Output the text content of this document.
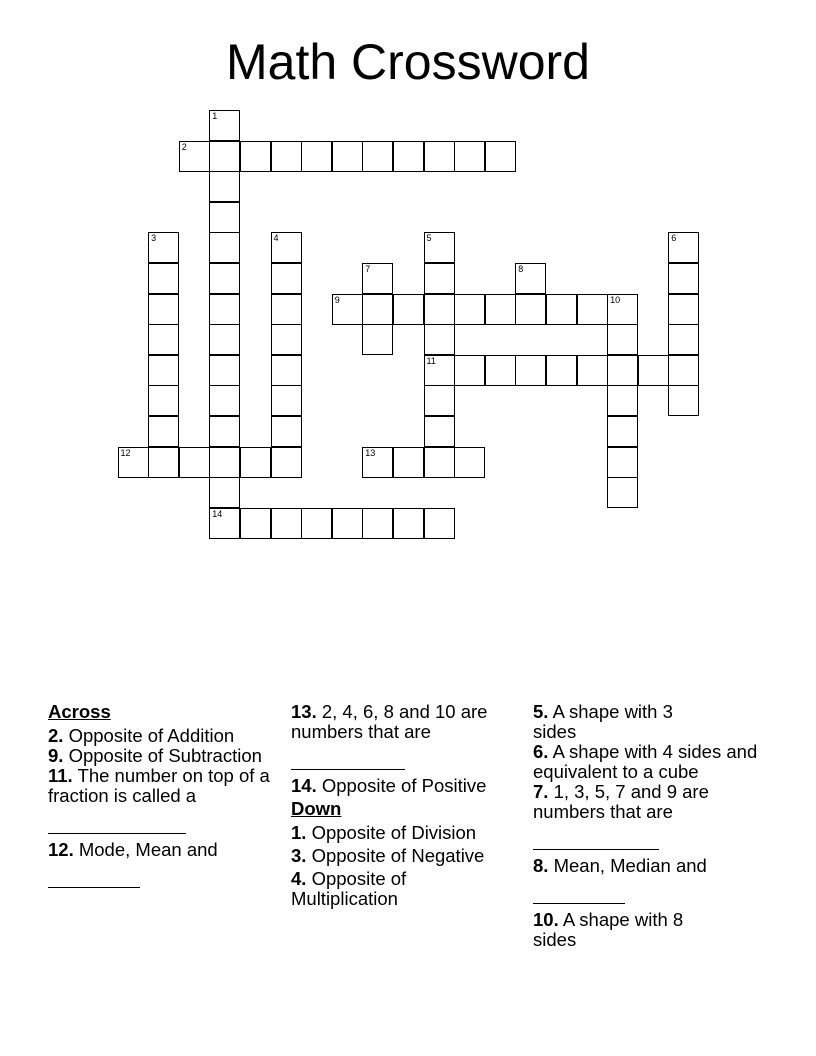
Math Crossword
1
14
2
3	4	5
11
6
7	8
9	10
12	13
Across
2. Opposite of Addition
9. Opposite of Subtraction
11. The number on top of a fraction is called a
12. Mode, Mean and
13. 2, 4, 6, 8 and 10 are numbers that are
14. Opposite of Positive
Down
1. Opposite of Division
3. Opposite of Negative
4. Opposite of Multiplication
5. A shape with 3 sides
6. A shape with 4 sides and equivalent to a cube
7. 1, 3, 5, 7 and 9 are numbers that are
8. Mean, Median and
10. A shape with 8 sides
